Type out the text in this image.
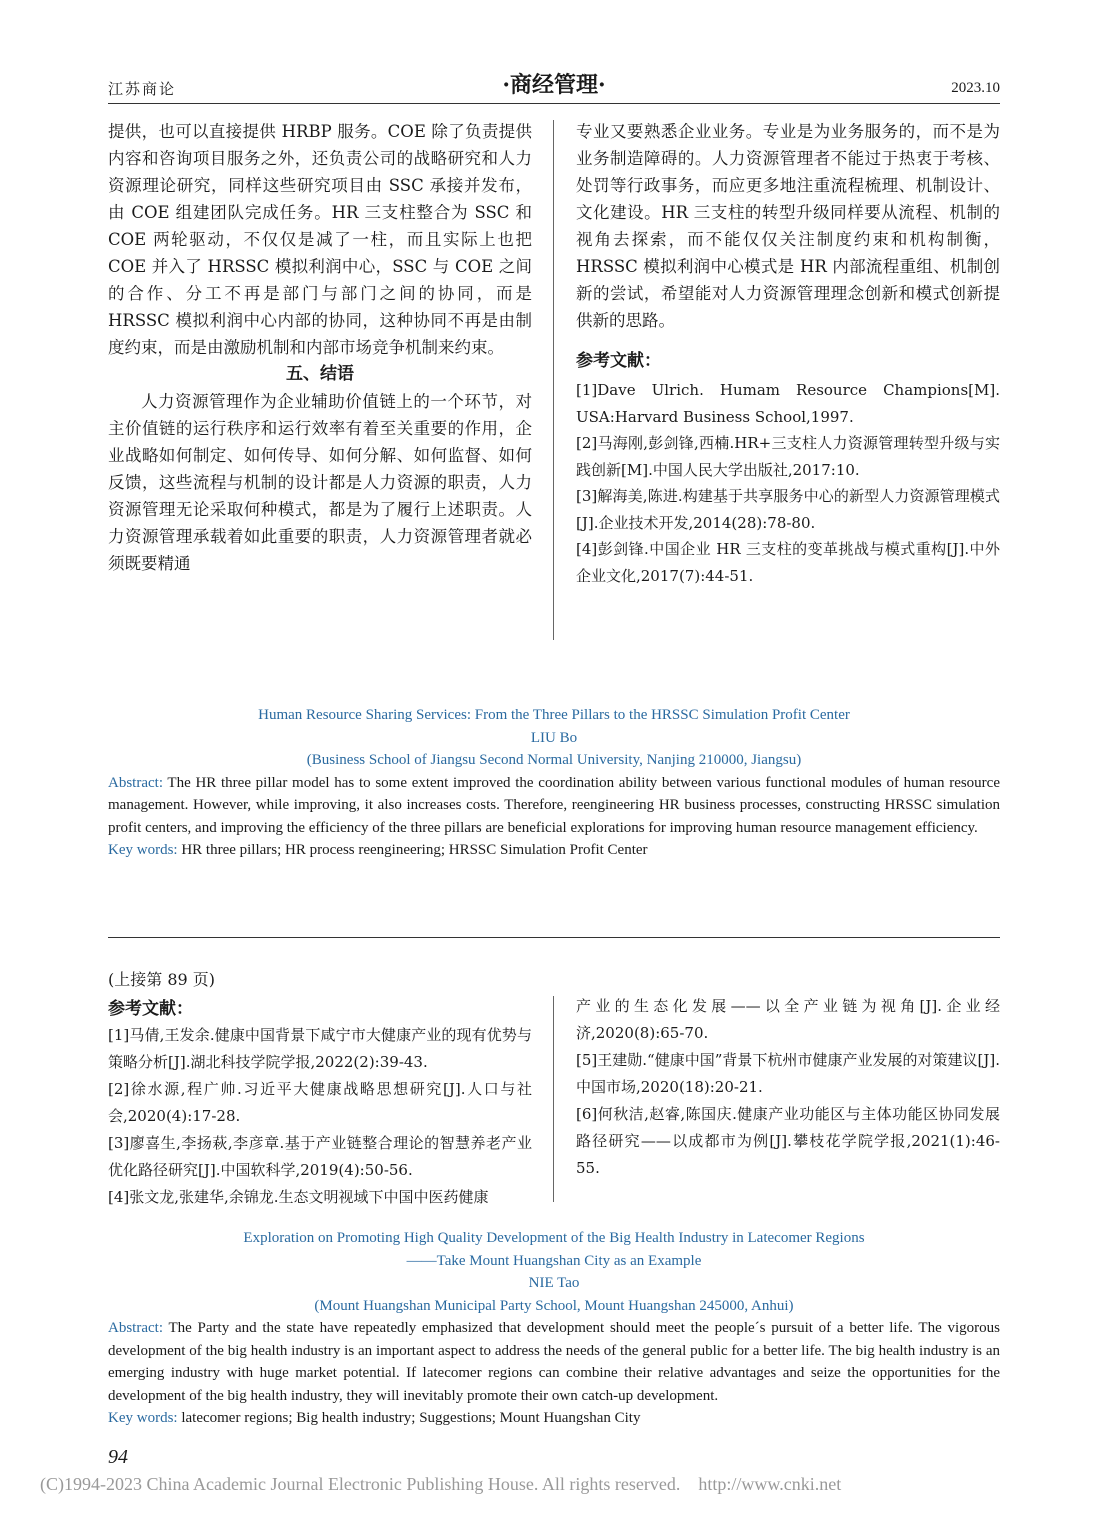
江苏商论	·商经管理·	2023.10

提供，也可以直接提供 HRBP 服务。COE 除了负责提供内容和咨询项目服务之外，还负责公司的战略研究和人力资源理论研究，同样这些研究项目由 SSC 承接并发布，由 COE 组建团队完成任务。HR 三支柱整合为 SSC 和 COE 两轮驱动，不仅仅是减了一柱，而且实际上也把 COE 并入了 HRSSC 模拟利润中心，SSC 与 COE 之间的合作、分工不再是部门与部门之间的协同，而是 HRSSC 模拟利润中心内部的协同，这种协同不再是由制度约束，而是由激励机制和内部市场竞争机制来约束。

五、结语

人力资源管理作为企业辅助价值链上的一个环节，对主价值链的运行秩序和运行效率有着至关重要的作用，企业战略如何制定、如何传导、如何分解、如何监督、如何反馈，这些流程与机制的设计都是人力资源的职责，人力资源管理无论采取何种模式，都是为了履行上述职责。人力资源管理承载着如此重要的职责，人力资源管理者就必须既要精通

专业又要熟悉企业业务。专业是为业务服务的，而不是为业务制造障碍的。人力资源管理者不能过于热衷于考核、处罚等行政事务，而应更多地注重流程梳理、机制设计、文化建设。HR 三支柱的转型升级同样要从流程、机制的视角去探索，而不能仅仅关注制度约束和机构制衡，HRSSC 模拟利润中心模式是 HR 内部流程重组、机制创新的尝试，希望能对人力资源管理理念创新和模式创新提供新的思路。

参考文献：

[1]Dave Ulrich. Humam Resource Champions[M]. USA:Harvard Business School,1997.

[2]马海刚,彭剑锋,西楠.HR+三支柱人力资源管理转型升级与实践创新[M].中国人民大学出版社,2017:10.

[3]解海美,陈进.构建基于共享服务中心的新型人力资源管理模式[J].企业技术开发,2014(28):78-80.

[4]彭剑锋.中国企业 HR 三支柱的变革挑战与模式重构[J].中外企业文化,2017(7):44-51.

Human Resource Sharing Services: From the Three Pillars to the HRSSC Simulation Profit Center
LIU Bo
(Business School of Jiangsu Second Normal University, Nanjing 210000, Jiangsu)
Abstract: The HR three pillar model has to some extent improved the coordination ability between various functional modules of human resource management. However, while improving, it also increases costs. Therefore, reengineering HR business processes, constructing HRSSC simulation profit centers, and improving the efficiency of the three pillars are beneficial explorations for improving human resource management efficiency.
Key words: HR three pillars; HR process reengineering; HRSSC Simulation Profit Center
(上接第 89 页)
参考文献：

[1]马倩,王发余.健康中国背景下咸宁市大健康产业的现有优势与策略分析[J].湖北科技学院学报,2022(2):39-43.

[2]徐水源,程广帅.习近平大健康战略思想研究[J].人口与社会,2020(4):17-28.

[3]廖喜生,李扬萩,李彦章.基于产业链整合理论的智慧养老产业优化路径研究[J].中国软科学,2019(4):50-56.

[4]张文龙,张建华,余锦龙.生态文明视域下中国中医药健康

产业的生态化发展——以全产业链为视角[J].企业经济,2020(8):65-70.

[5]王建勋.“健康中国”背景下杭州市健康产业发展的对策建议[J].中国市场,2020(18):20-21.

[6]何秋洁,赵睿,陈国庆.健康产业功能区与主体功能区协同发展路径研究——以成都市为例[J].攀枝花学院学报,2021(1):46-55.

Exploration on Promoting High Quality Development of the Big Health Industry in Latecomer Regions
——Take Mount Huangshan City as an Example
NIE Tao
(Mount Huangshan Municipal Party School, Mount Huangshan 245000, Anhui)
Abstract: The Party and the state have repeatedly emphasized that development should meet the people´s pursuit of a better life. The vigorous development of the big health industry is an important aspect to address the needs of the general public for a better life. The big health industry is an emerging industry with huge market potential. If latecomer regions can combine their relative advantages and seize the opportunities for the development of the big health industry, they will inevitably promote their own catch-up development.
Key words: latecomer regions; Big health industry; Suggestions; Mount Huangshan City
94
(C)1994-2023 China Academic Journal Electronic Publishing House. All rights reserved.    http://www.cnki.net
